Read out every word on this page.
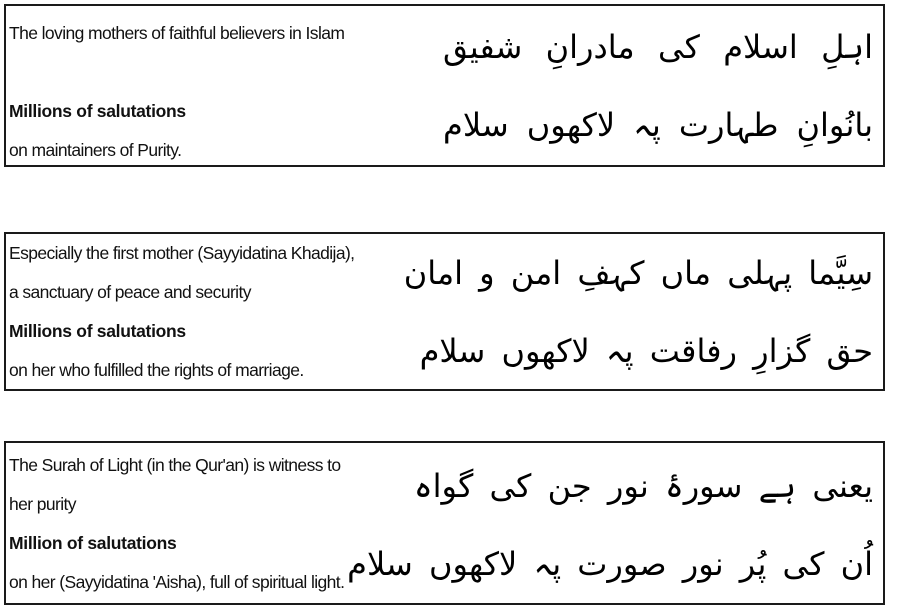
The loving mothers of faithful believers in Islam
Millions of salutations
on maintainers of Purity.
اہلِ اسلام کی مادرانِ شفیق
بانُوانِ طہارت پہ لاکھوں سلام
Especially the first mother (Sayyidatina Khadija),
a sanctuary of peace and security
Millions of salutations
on her who fulfilled the rights of marriage.
سِیَّما پہلی ماں کہفِ امن و امان
حق گزارِ رفاقت پہ لاکھوں سلام
The Surah of Light (in the Qur'an) is witness to
her purity
Million of salutations
on her (Sayyidatina 'Aisha), full of spiritual light.
یعنی ہے سورۂ نور جن کی گواہ
اُن کی پُر نور صورت پہ لاکھوں سلام
